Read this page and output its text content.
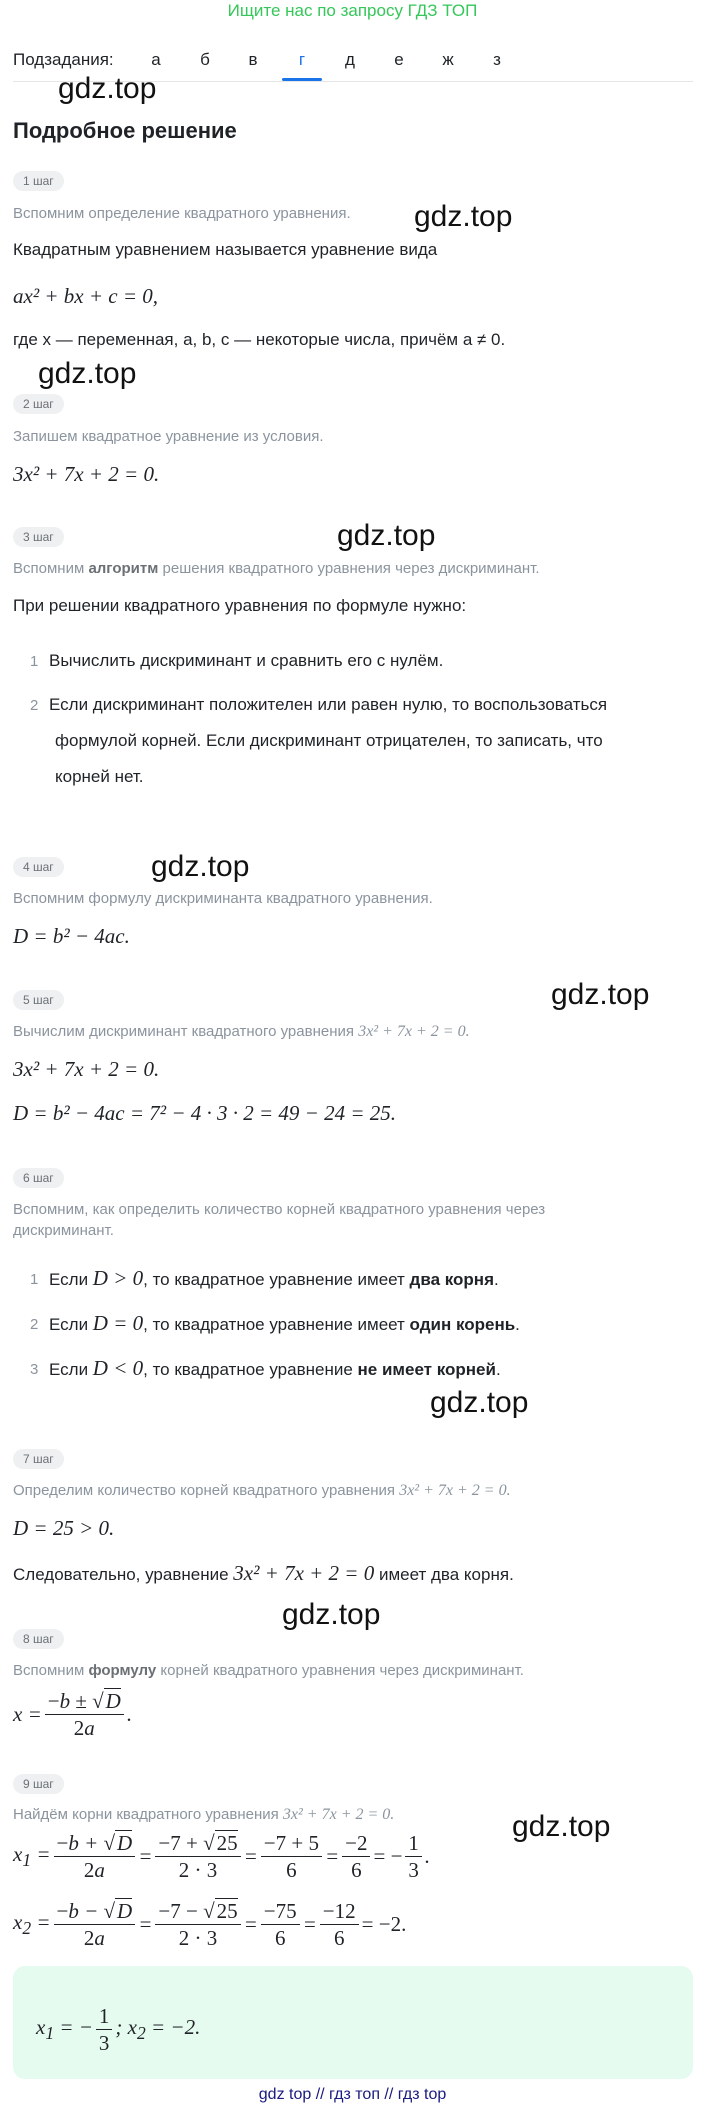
Ищите нас по запросу ГДЗ ТОП
Подзадания:	а	б	в	г	д	е	ж	з
gdz.top
gdz.top
gdz.top
gdz.top
gdz.top
gdz.top
gdz.top
gdz.top
gdz.top
Подробное решение
1 шаг
Вспомним определение квадратного уравнения.
Квадратным уравнением называется уравнение вида
ax² + bx + c = 0,
где x — переменная, a, b, c — некоторые числа, причём a ≠ 0.
2 шаг
Запишем квадратное уравнение из условия.
3x² + 7x + 2 = 0.
3 шаг
Вспомним алгоритм решения квадратного уравнения через дискриминант.
При решении квадратного уравнения по формуле нужно:
1 Вычислить дискриминант и сравнить его с нулём.
2 Если дискриминант положителен или равен нулю, то воспользоваться
формулой корней. Если дискриминант отрицателен, то записать, что
корней нет.
4 шаг
Вспомним формулу дискриминанта квадратного уравнения.
D = b² − 4ac.
5 шаг
Вычислим дискриминант квадратного уравнения 3x² + 7x + 2 = 0.
3x² + 7x + 2 = 0.
D = b² − 4ac = 7² − 4 · 3 · 2 = 49 − 24 = 25.
6 шаг
Вспомним, как определить количество корней квадратного уравнения через
дискриминант.
1 Если D > 0, то квадратное уравнение имеет два корня.
2 Если D = 0, то квадратное уравнение имеет один корень.
3 Если D < 0, то квадратное уравнение не имеет корней.
7 шаг
Определим количество корней квадратного уравнения 3x² + 7x + 2 = 0.
D = 25 > 0.
Следовательно, уравнение 3x² + 7x + 2 = 0 имеет два корня.
8 шаг
Вспомним формулу корней квадратного уравнения через дискриминант.
$x = \frac{-b \pm √D}{2a}$ .
9 шаг
Найдём корни квадратного уравнения 3x² + 7x + 2 = 0.
$x_1 = \frac{-b + √D}{2a} = \frac{-7 + √25}{2 \cdot 3} = \frac{-7 + 5}{6} = \frac{-2}{6}$ = − $\frac{1}{3}$ .
$x_2 = \frac{-b - √D}{2a} = \frac{-7 - √25}{2 \cdot 3} = \frac{-75}{6} = \frac{-12}{6} = -2$.
$x_1$ = − $\frac{1}{3}$ ; $x_2 = -2$.
gdz top // гдз топ // гдз top
